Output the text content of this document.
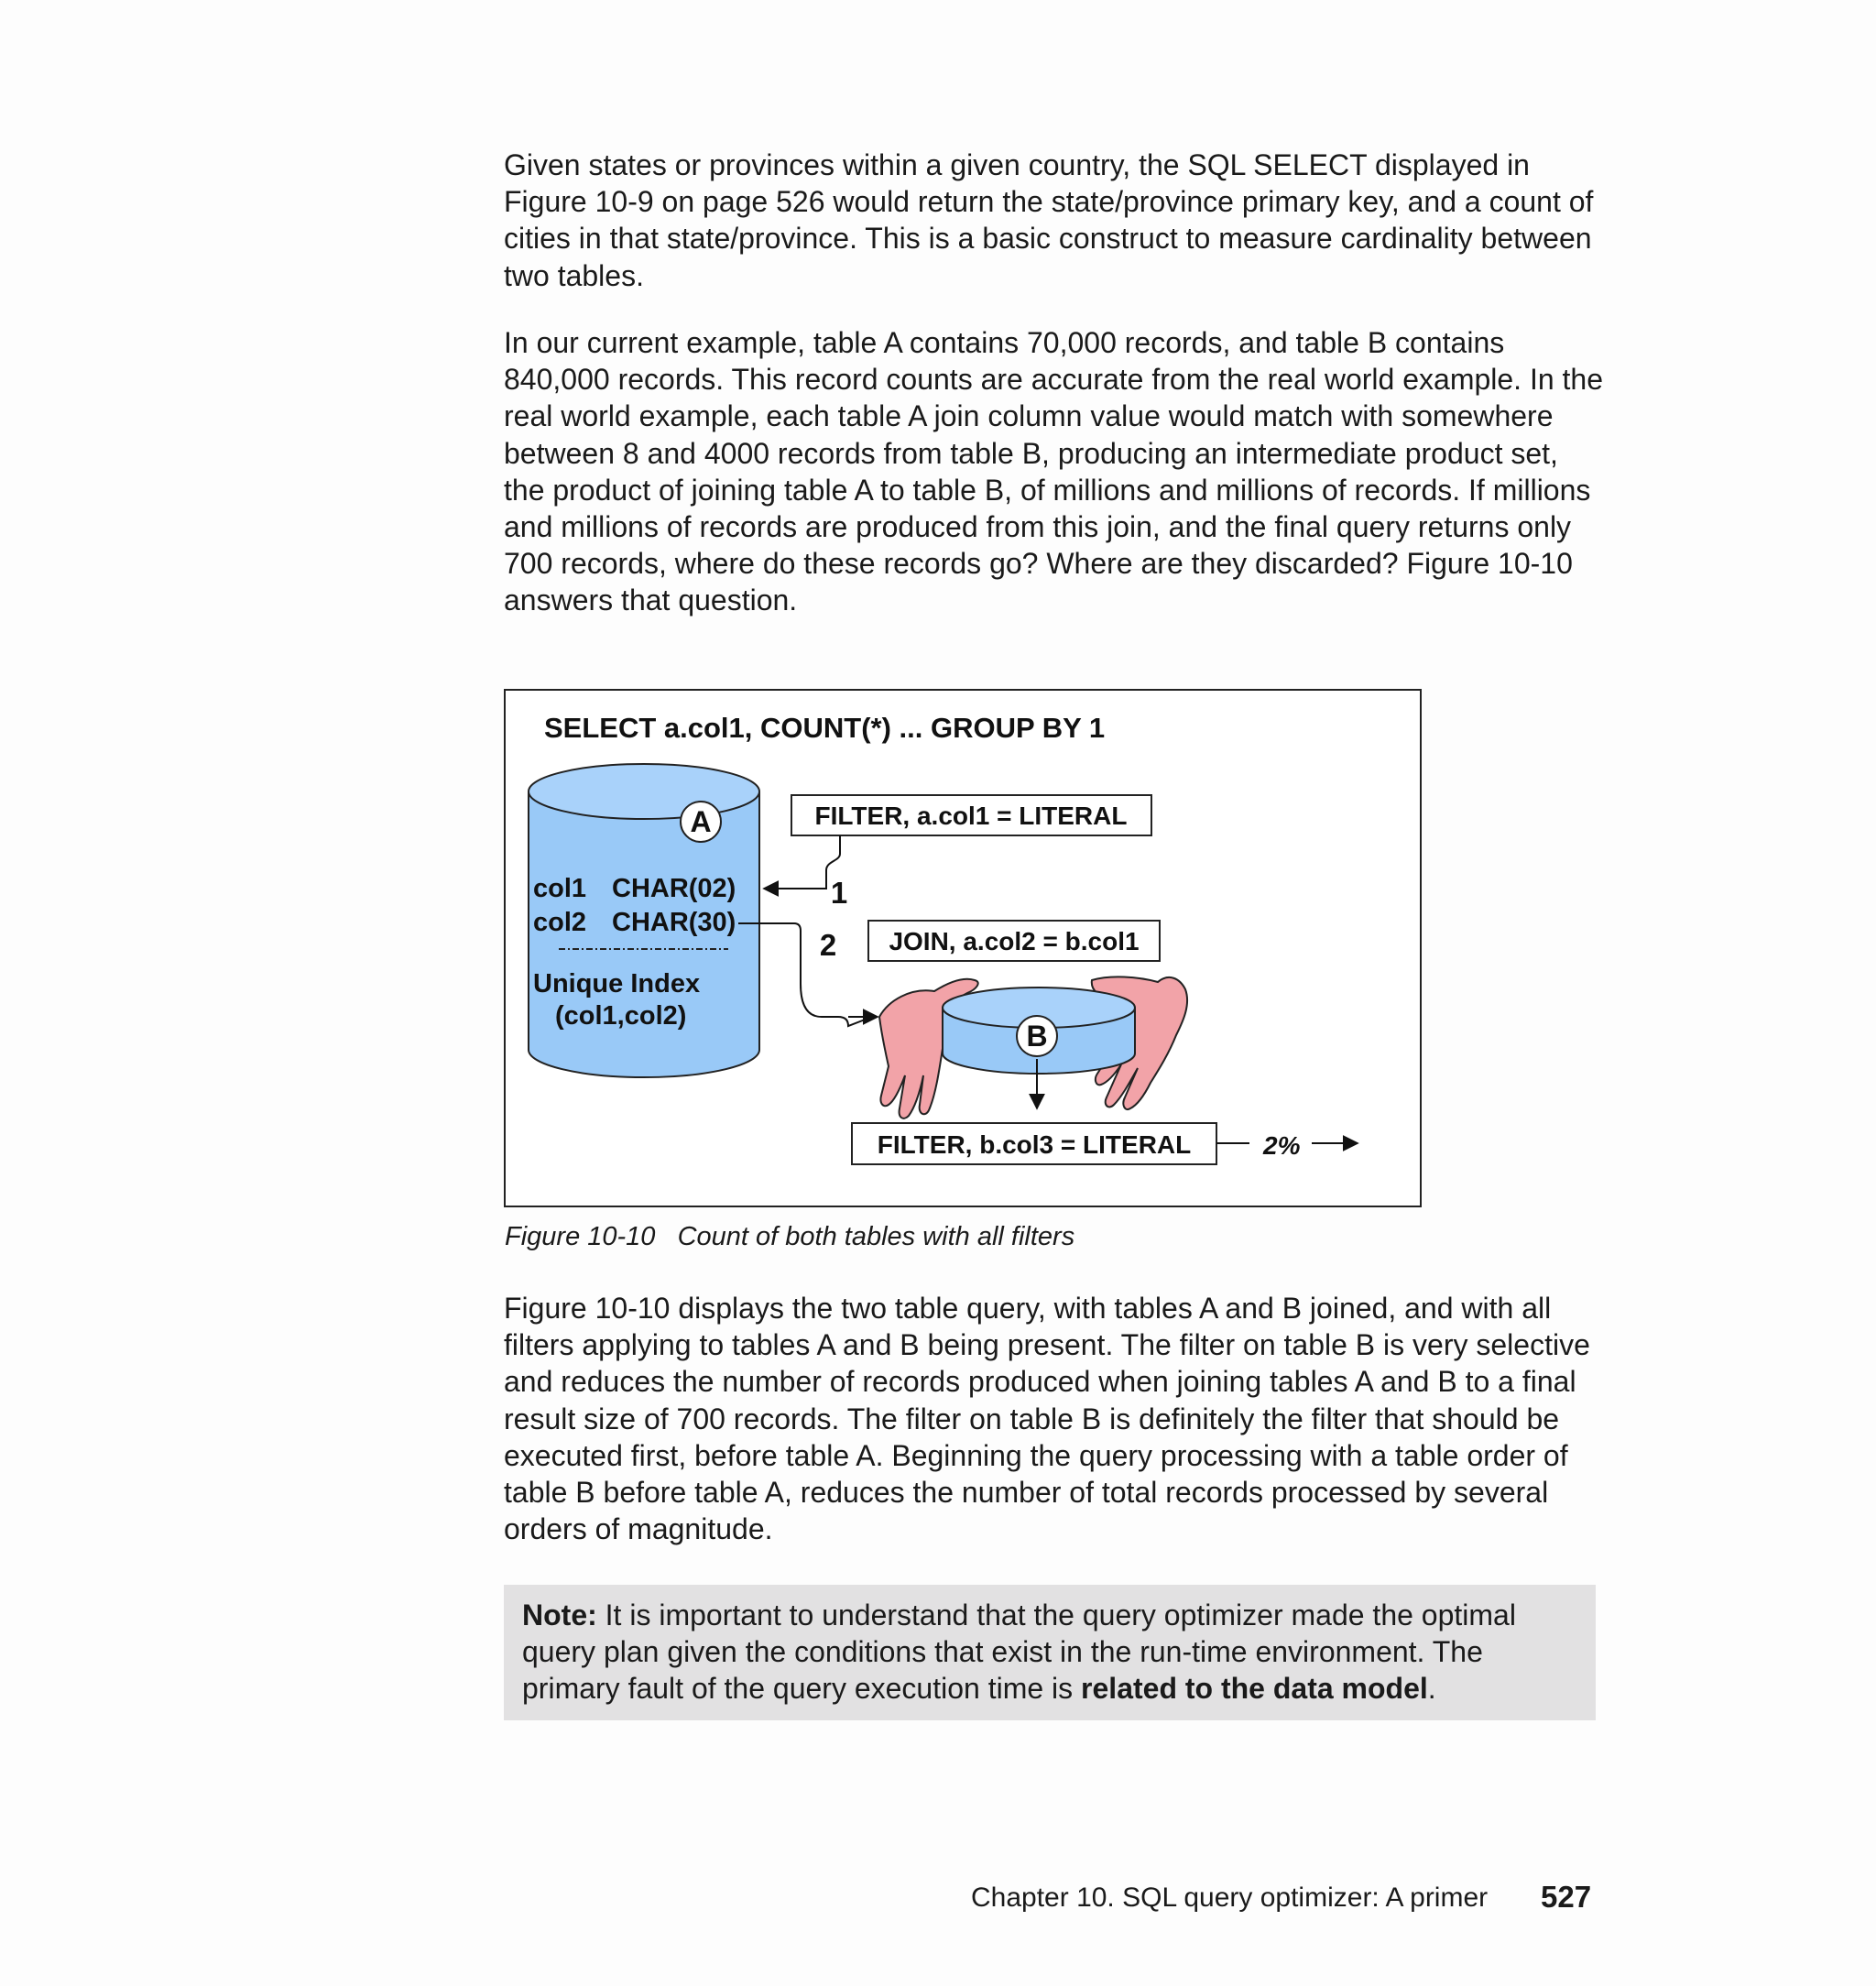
Given states or provinces within a given country, the SQL SELECT displayed in Figure 10-9 on page 526 would return the state/province primary key, and a count of cities in that state/province. This is a basic construct to measure cardinality between two tables.

In our current example, table A contains 70,000 records, and table B contains 840,000 records. This record counts are accurate from the real world example. In the real world example, each table A join column value would match with somewhere between 8 and 4000 records from table B, producing an intermediate product set, the product of joining table A to table B, of millions and millions of records. If millions and millions of records are produced from this join, and the final query returns only 700 records, where do these records go? Where are they discarded? Figure 10-10 answers that question.

SELECT a.col1, COUNT(*) ... GROUP BY 1
A
col1 CHAR(02)
col2 CHAR(30)
Unique Index
(col1,col2)
FILTER, a.col1 = LITERAL
1
JOIN, a.col2 = b.col1
2
B
FILTER, b.col3 = LITERAL	2%
Figure 10-10   Count of both tables with all filters

Figure 10-10 displays the two table query, with tables A and B joined, and with all filters applying to tables A and B being present. The filter on table B is very selective and reduces the number of records produced when joining tables A and B to a final result size of 700 records. The filter on table B is definitely the filter that should be executed first, before table A. Beginning the query processing with a table order of table B before table A, reduces the number of total records processed by several orders of magnitude.

Note: It is important to understand that the query optimizer made the optimal query plan given the conditions that exist in the run-time environment. The primary fault of the query execution time is related to the data model.
Chapter 10. SQL query optimizer: A primer 527
